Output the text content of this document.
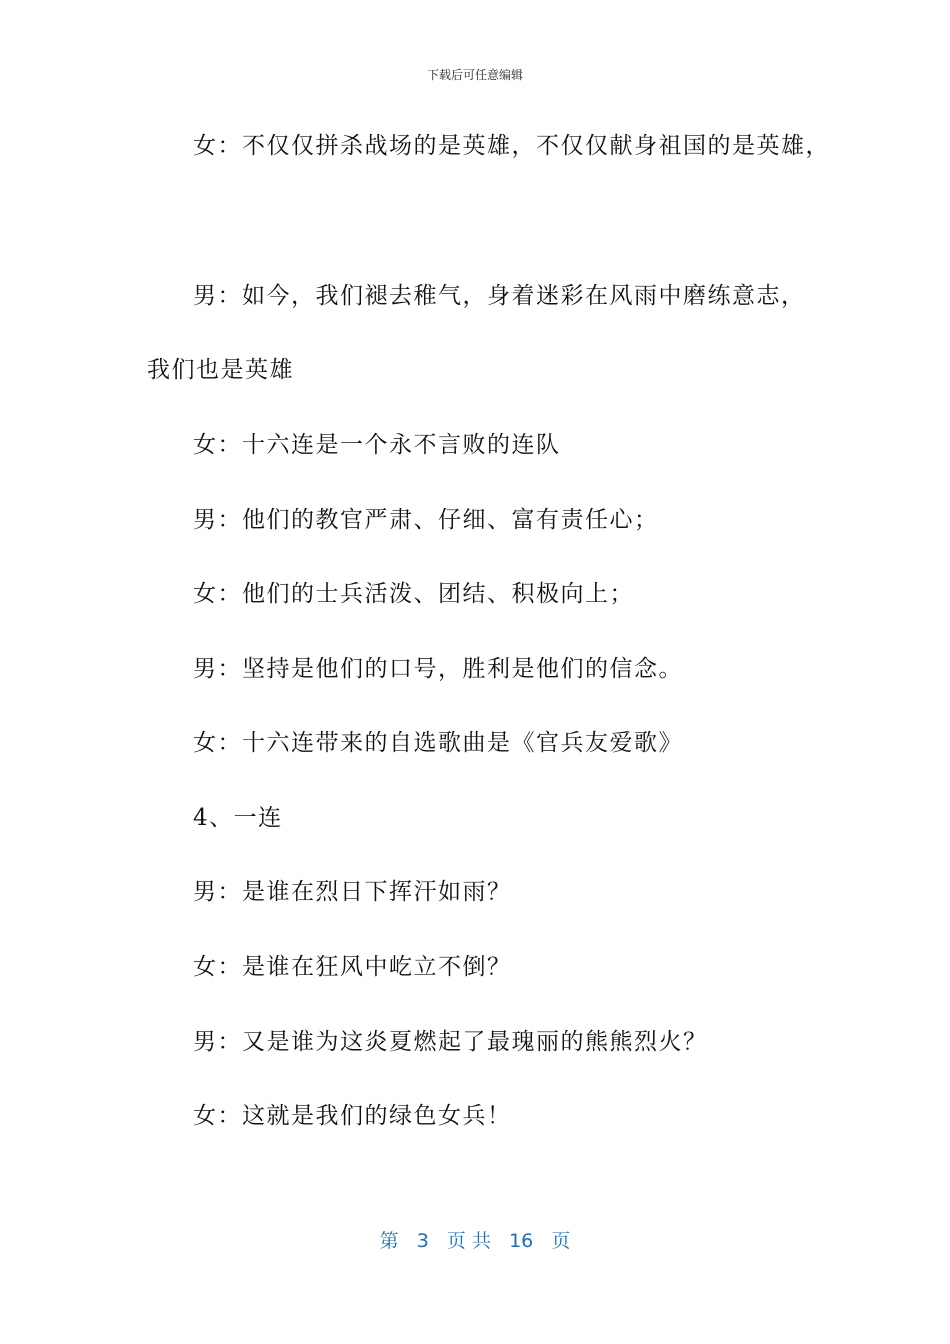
下载后可任意编辑
女：不仅仅拼杀战场的是英雄，不仅仅献身祖国的是英雄，
男：如今，我们褪去稚气，身着迷彩在风雨中磨练意志，
我们也是英雄
女：十六连是一个永不言败的连队
男：他们的教官严肃、仔细、富有责任心；
女：他们的士兵活泼、团结、积极向上；
男：坚持是他们的口号，胜利是他们的信念。
女：十六连带来的自选歌曲是《官兵友爱歌》
4、一连
男：是谁在烈日下挥汗如雨？
女：是谁在狂风中屹立不倒？
男：又是谁为这炎夏燃起了最瑰丽的熊熊烈火？
女：这就是我们的绿色女兵！
第 3 页 共 16 页
